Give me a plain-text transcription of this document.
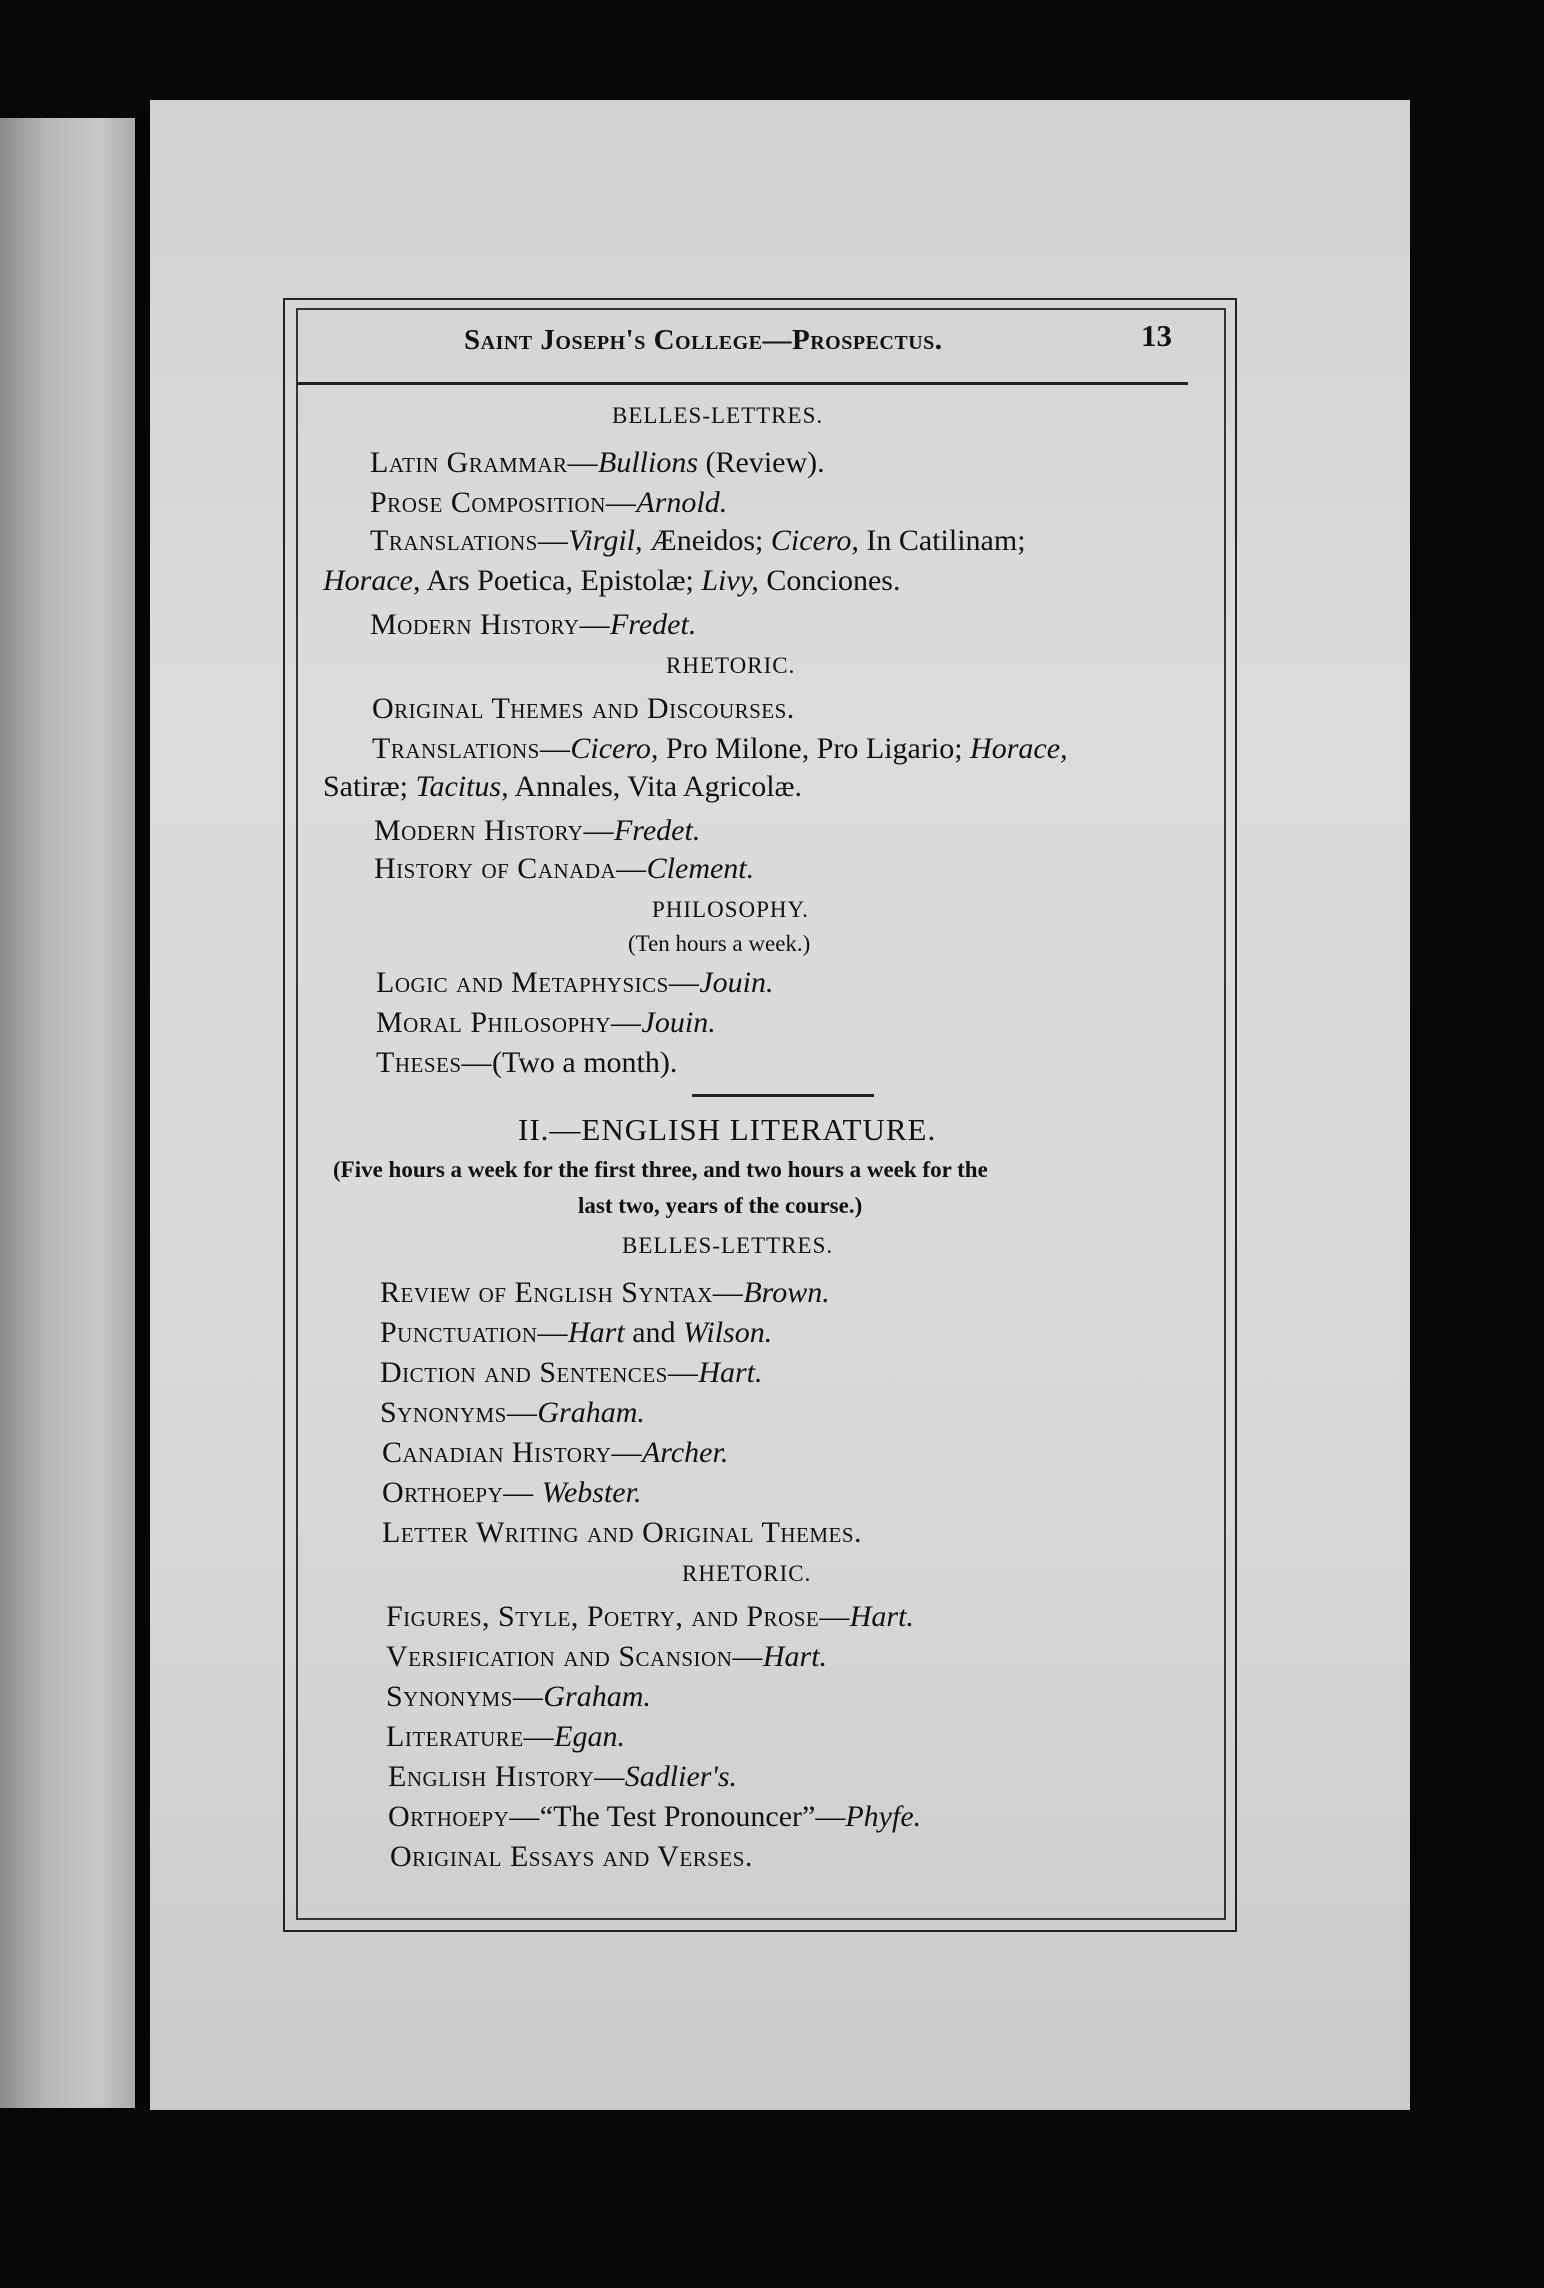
Saint Joseph's College—Prospectus.	13
BELLES-LETTRES.
Latin Grammar—Bullions (Review).
Prose Composition—Arnold.
Translations—Virgil, Æneidos; Cicero, In Catilinam;
Horace, Ars Poetica, Epistolæ; Livy, Conciones.
Modern History—Fredet.
RHETORIC.
Original Themes and Discourses.
Translations—Cicero, Pro Milone, Pro Ligario; Horace,
Satiræ; Tacitus, Annales, Vita Agricolæ.
Modern History—Fredet.
History of Canada—Clement.
PHILOSOPHY.
(Ten hours a week.)
Logic and Metaphysics—Jouin.
Moral Philosophy—Jouin.
Theses—(Two a month).
II.—ENGLISH LITERATURE.
(Five hours a week for the first three, and two hours a week for the
last two, years of the course.)
BELLES-LETTRES.
Review of English Syntax—Brown.
Punctuation—Hart and Wilson.
Diction and Sentences—Hart.
Synonyms—Graham.
Canadian History—Archer.
Orthoepy— Webster.
Letter Writing and Original Themes.
RHETORIC.
Figures, Style, Poetry, and Prose—Hart.
Versification and Scansion—Hart.
Synonyms—Graham.
Literature—Egan.
English History—Sadlier's.
Orthoepy—“The Test Pronouncer”—Phyfe.
Original Essays and Verses.
